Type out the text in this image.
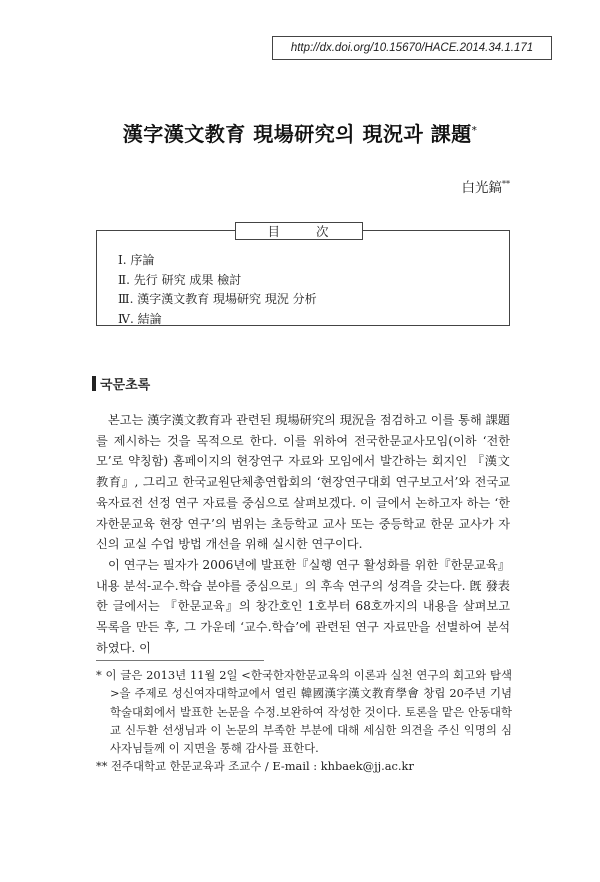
http://dx.doi.org/10.15670/HACE.2014.34.1.171
漢字漢文教育 現場研究의 現況과 課題*
白光鎬**
目 次
Ⅰ. 序論
Ⅱ. 先行 研究 成果 檢討
Ⅲ. 漢字漢文教育 現場研究 現況 分析
Ⅳ. 結論
국문초록

본고는 漢字漢文教育과 관련된 現場研究의 現況을 점검하고 이를 통해 課題를 제시하는 것을 목적으로 한다. 이를 위하여 전국한문교사모임(이하 ‘전한모’로 약칭함) 홈페이지의 현장연구 자료와 모임에서 발간하는 회지인 『漢文教育』, 그리고 한국교원단체총연합회의 ‘현장연구대회 연구보고서’와 전국교육자료전 선정 연구 자료를 중심으로 살펴보겠다. 이 글에서 논하고자 하는 ‘한자한문교육 현장 연구’의 범위는 초등학교 교사 또는 중등학교 한문 교사가 자신의 교실 수업 방법 개선을 위해 실시한 연구이다.

이 연구는 필자가 2006년에 발표한『실행 연구 활성화를 위한『한문교육』내용 분석-교수․학습 분야를 중심으로」의 후속 연구의 성격을 갖는다. 旣 發表한 글에서는 『한문교육』의 창간호인 1호부터 68호까지의 내용을 살펴보고 목록을 만든 후, 그 가운데 ‘교수․학습’에 관련된 연구 자료만을 선별하여 분석하였다. 이

* 이 글은 2013년 11월 2일 <한국한자한문교육의 이론과 실천 연구의 회고와 탐색>을 주제로 성신여자대학교에서 열린 韓國漢字漢文教育學會 창립 20주년 기념 학술대회에서 발표한 논문을 수정․보완하여 작성한 것이다. 토론을 맡은 안동대학교 신두환 선생님과 이 논문의 부족한 부분에 대해 세심한 의견을 주신 익명의 심사자님들께 이 지면을 통해 감사를 표한다.

** 전주대학교 한문교육과 조교수 / E-mail : khbaek@jj.ac.kr
